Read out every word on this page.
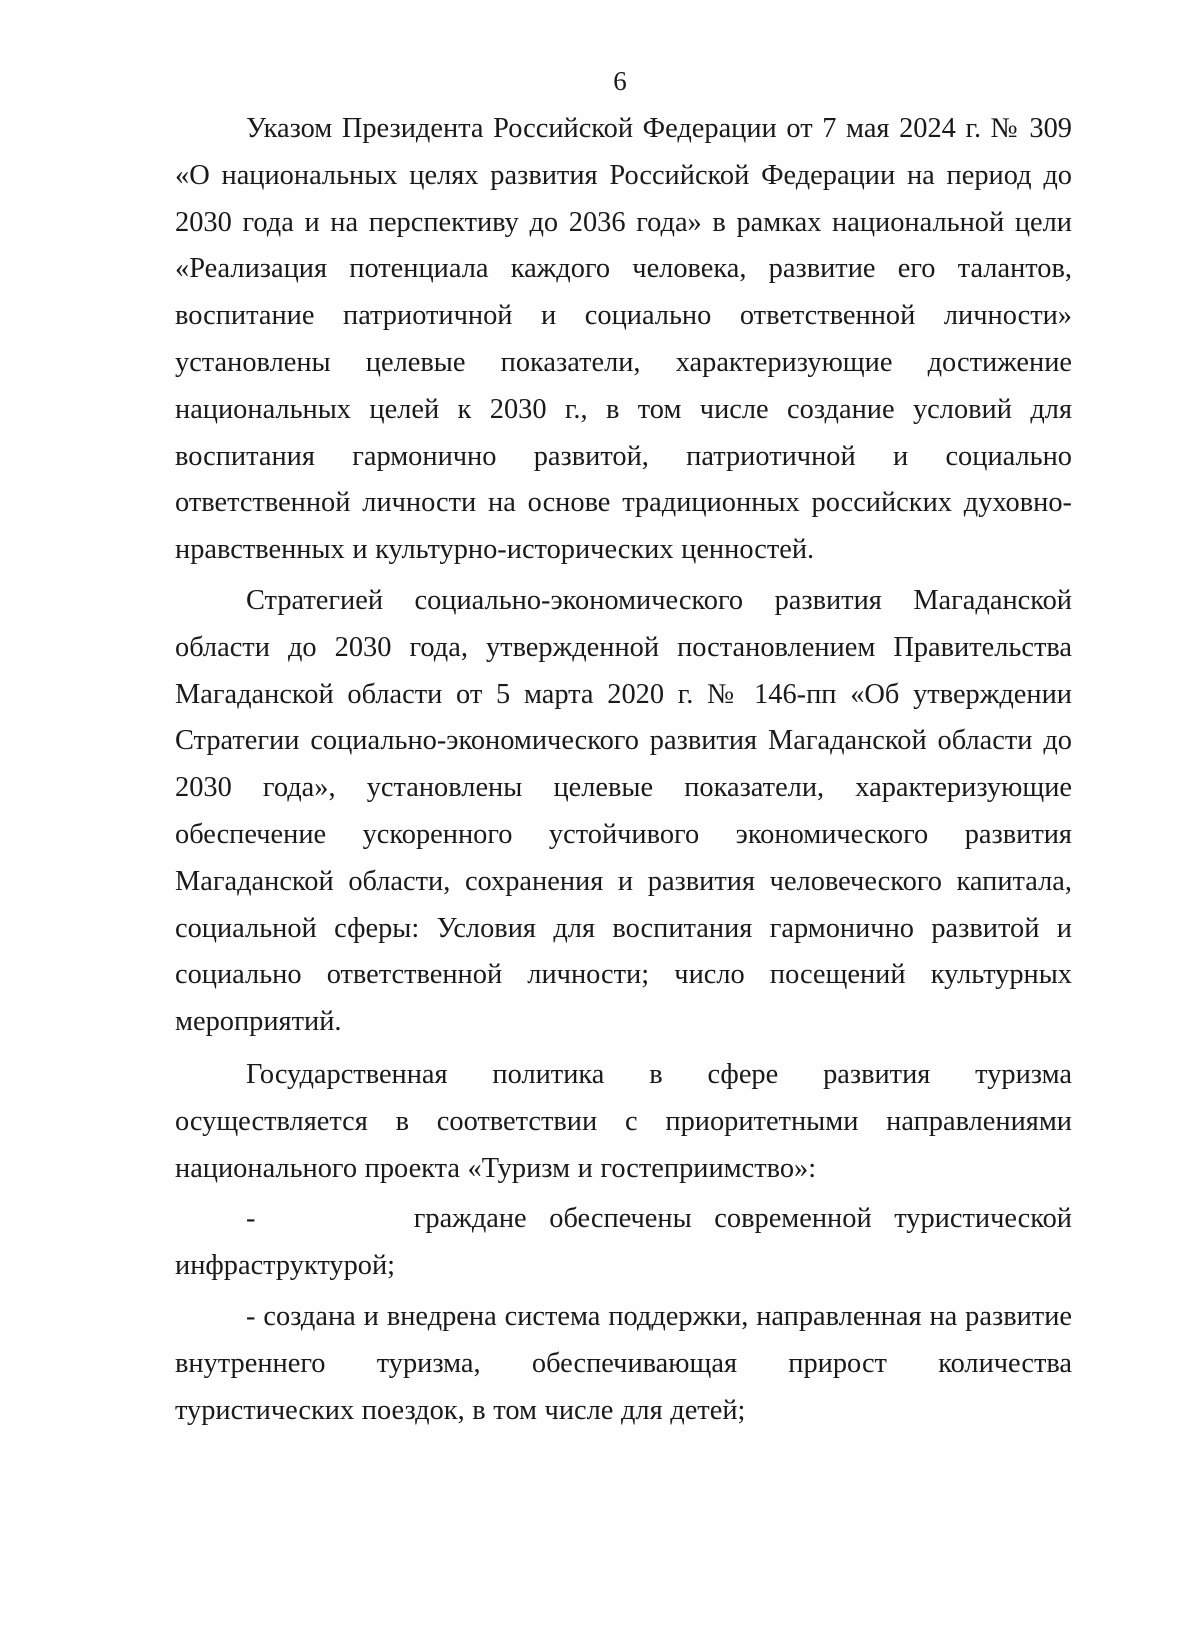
6

Указом Президента Российской Федерации от 7 мая 2024 г. № 309 «О национальных целях развития Российской Федерации на период до 2030 года и на перспективу до 2036 года» в рамках национальной цели «Реализация потенциала каждого человека, развитие его талантов, воспитание патриотичной и социально ответственной личности» установлены целевые показатели, характеризующие достижение национальных целей к 2030 г., в том числе создание условий для воспитания гармонично развитой, патриотичной и социально ответственной личности на основе традиционных российских духовно-нравственных и культурно-исторических ценностей.

Стратегией социально-экономического развития Магаданской области до 2030 года, утвержденной постановлением Правительства Магаданской области от 5 марта 2020 г. № 146-пп «Об утверждении Стратегии социально-экономического развития Магаданской области до 2030 года», установлены целевые показатели, характеризующие обеспечение ускоренного устойчивого экономического развития Магаданской области, сохранения и развития человеческого капитала, социальной сферы: Условия для воспитания гармонично развитой и социально ответственной личности; число посещений культурных мероприятий.

Государственная политика в сфере развития туризма осуществляется в соответствии с приоритетными направлениями национального проекта «Туризм и гостеприимство»:

-       граждане обеспечены современной туристической инфраструктурой;

- создана и внедрена система поддержки, направленная на развитие внутреннего туризма, обеспечивающая прирост количества туристических поездок, в том числе для детей;
